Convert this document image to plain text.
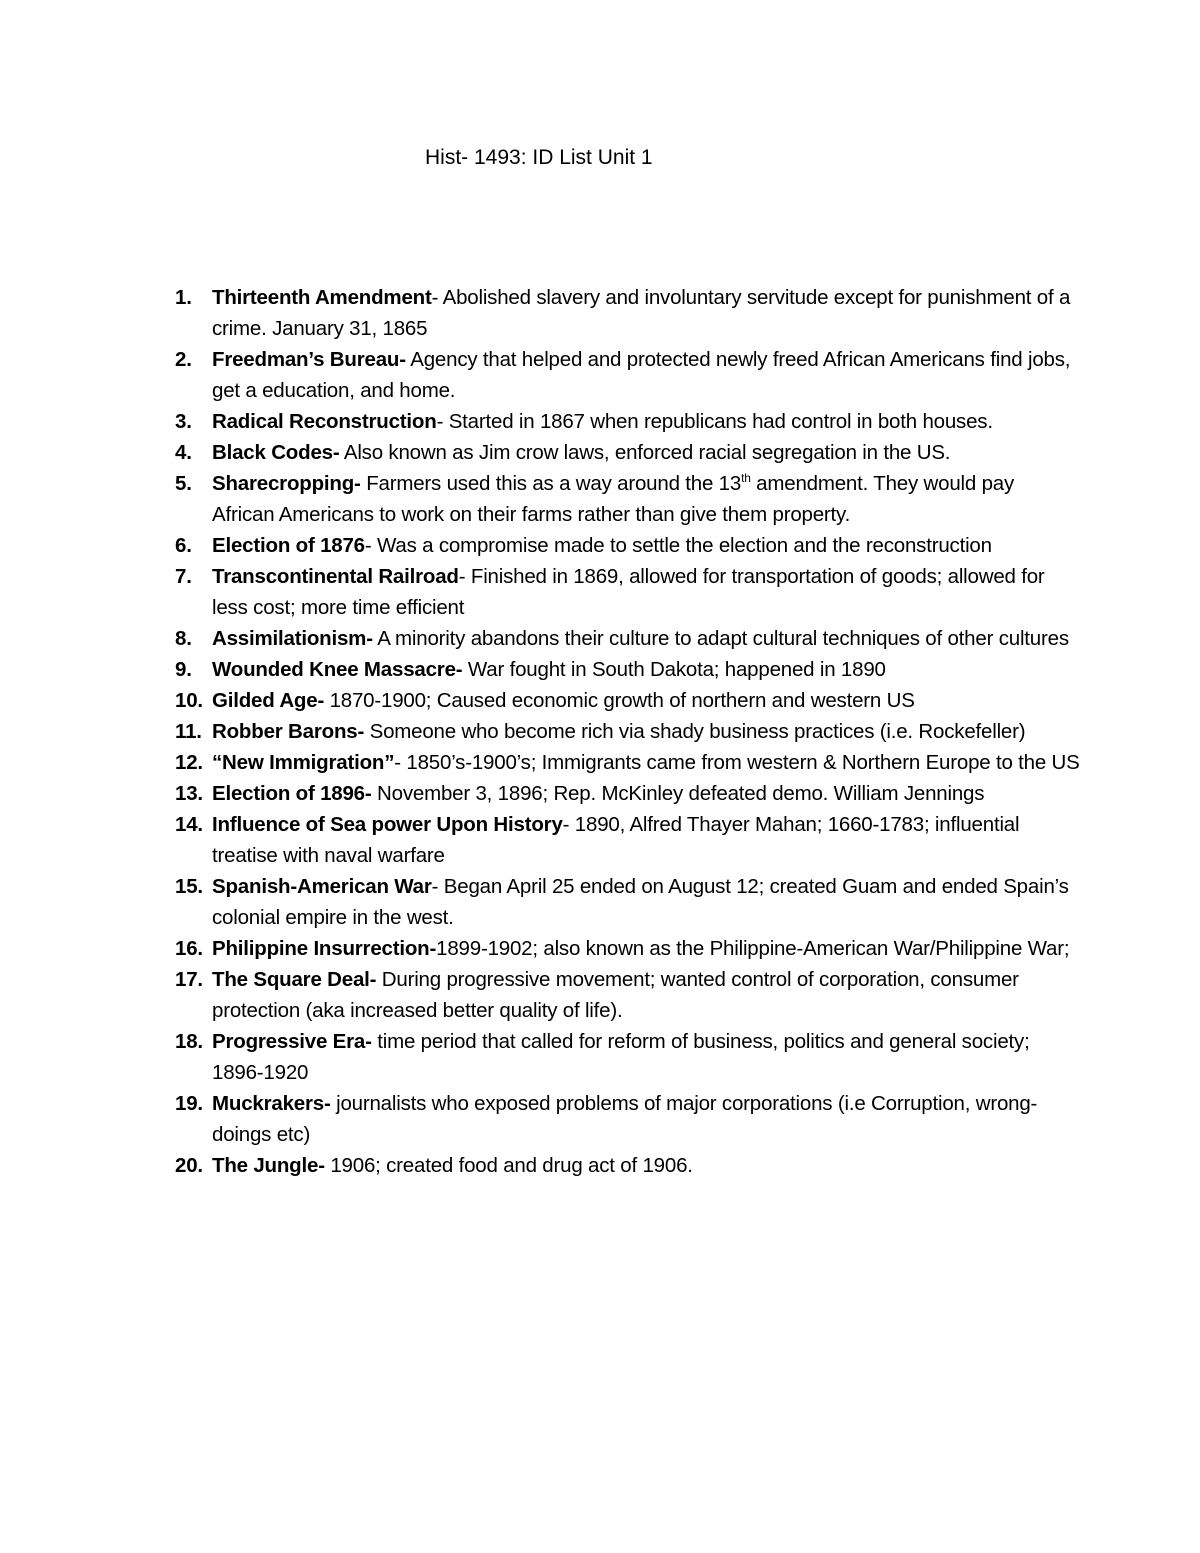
Hist- 1493: ID List Unit 1
1. Thirteenth Amendment- Abolished slavery and involuntary servitude except for punishment of a crime. January 31, 1865
2. Freedman’s Bureau- Agency that helped and protected newly freed African Americans find jobs, get a education, and home.
3. Radical Reconstruction- Started in 1867 when republicans had control in both houses.
4. Black Codes- Also known as Jim crow laws, enforced racial segregation in the US.
5. Sharecropping- Farmers used this as a way around the 13th amendment. They would pay African Americans to work on their farms rather than give them property.
6. Election of 1876- Was a compromise made to settle the election and the reconstruction
7. Transcontinental Railroad- Finished in 1869, allowed for transportation of goods; allowed for less cost; more time efficient
8. Assimilationism- A minority abandons their culture to adapt cultural techniques of other cultures
9. Wounded Knee Massacre- War fought in South Dakota; happened in 1890
10. Gilded Age- 1870-1900; Caused economic growth of northern and western US
11. Robber Barons- Someone who become rich via shady business practices (i.e. Rockefeller)
12. “New Immigration”- 1850’s-1900’s; Immigrants came from western & Northern Europe to the US
13. Election of 1896- November 3, 1896; Rep. McKinley defeated demo. William Jennings
14. Influence of Sea power Upon History- 1890, Alfred Thayer Mahan; 1660-1783; influential treatise with naval warfare
15. Spanish-American War- Began April 25 ended on August 12; created Guam and ended Spain’s colonial empire in the west.
16. Philippine Insurrection-1899-1902; also known as the Philippine-American War/Philippine War;
17. The Square Deal- During progressive movement; wanted control of corporation, consumer protection (aka increased better quality of life).
18. Progressive Era- time period that called for reform of business, politics and general society; 1896-1920
19. Muckrakers- journalists who exposed problems of major corporations (i.e Corruption, wrong-doings etc)
20. The Jungle- 1906; created food and drug act of 1906.
